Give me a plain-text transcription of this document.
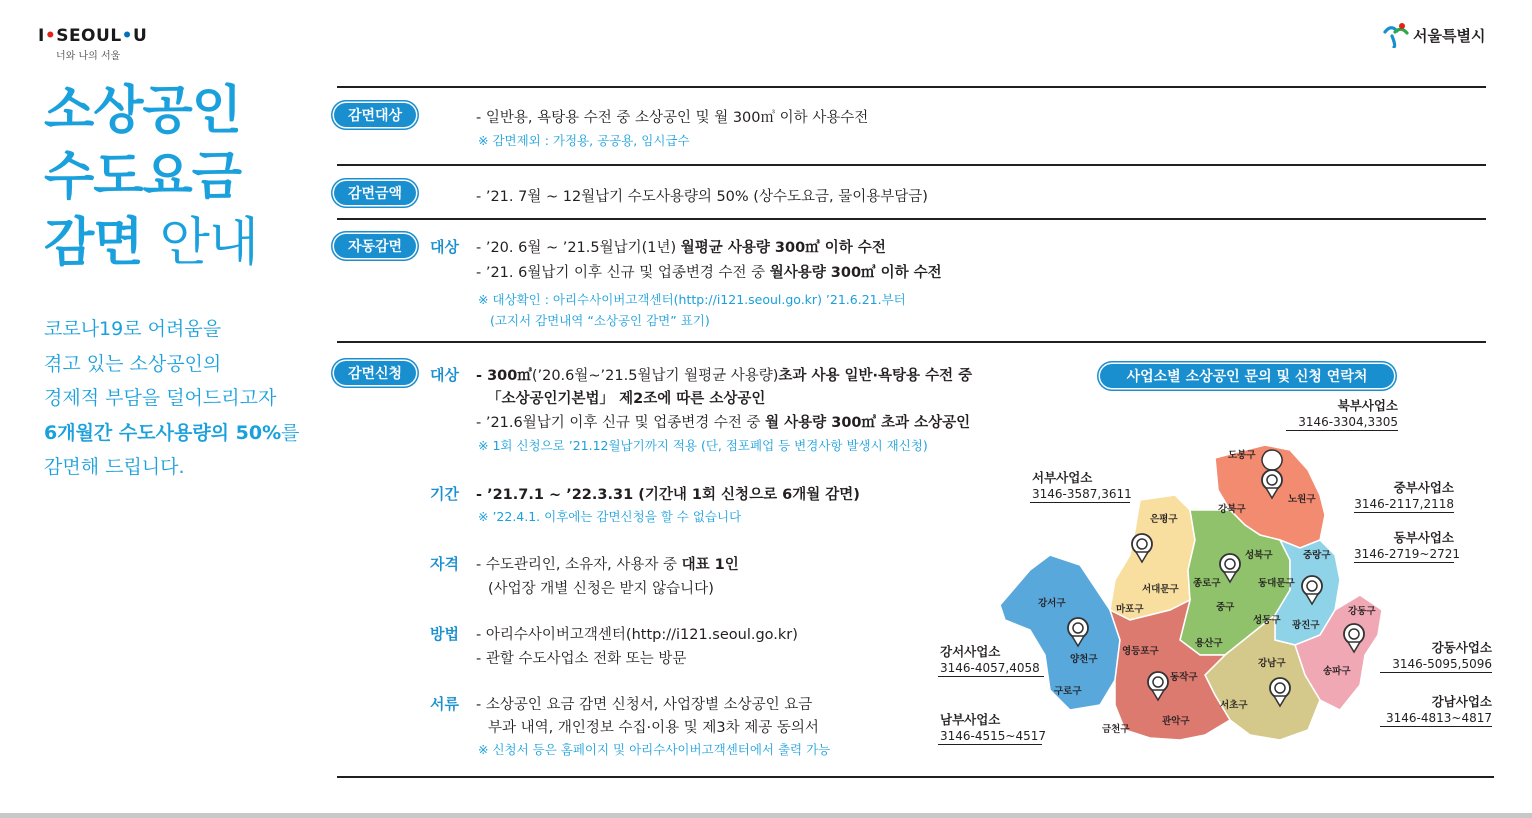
I•SEOUL•U
너와 나의 서울
서울특별시
소상공인
수도요금
감면 안내
코로나19로 어려움을
겪고 있는 소상공인의
경제적 부담을 덜어드리고자
6개월간 수도사용량의 50%를
감면해 드립니다.
감면대상	- 일반용, 욕탕용 수전 중 소상공인 및 월 300㎥ 이하 사용수전
※ 감면제외 : 가정용, 공공용, 임시급수
감면금액	- ’21. 7월 ~ 12월납기 수도사용량의 50% (상수도요금, 물이용부담금)
자동감면	대상 - ’20. 6월 ~ ’21.5월납기(1년) 월평균 사용량 300㎥ 이하 수전
- ’21. 6월납기 이후 신규 및 업종변경 수전 중 월사용량 300㎥ 이하 수전
※ 대상확인 : 아리수사이버고객센터(http://i121.seoul.go.kr) ’21.6.21.부터
(고지서 감면내역 “소상공인 감면” 표기)
감면신청	대상 - 300㎥(’20.6월~’21.5월납기 월평균 사용량)초과 사용 일반·욕탕용 수전 중
「소상공인기본법」 제2조에 따른 소상공인
- ’21.6월납기 이후 신규 및 업종변경 수전 중 월 사용량 300㎥ 초과 소상공인
※ 1회 신청으로 ’21.12월납기까지 적용 (단, 점포폐업 등 변경사항 발생시 재신청)
기간 - ’21.7.1 ~ ’22.3.31 (기간내 1회 신청으로 6개월 감면)
※ ’22.4.1. 이후에는 감면신청을 할 수 없습니다
자격 - 수도관리인, 소유자, 사용자 중 대표 1인
(사업장 개별 신청은 받지 않습니다)
방법 - 아리수사이버고객센터(http://i121.seoul.go.kr)
- 관할 수도사업소 전화 또는 방문
서류 - 소상공인 요금 감면 신청서, 사업장별 소상공인 요금
부과 내역, 개인정보 수집·이용 및 제3차 제공 동의서
※ 신청서 등은 홈페이지 및 아리수사이버고객센터에서 출력 가능
사업소별 소상공인 문의 및 신청 연락처
도봉구
노원구
강북구
은평구
성북구	중랑구
종로구	동대문구
서대문구
강서구
마포구	중구
성동구 광진구
강동구
용산구
양천구
영등포구
송파구
강남구
구로구
동작구
서초구
금천구
관악구
북부사업소
3146-3304,3305
서부사업소
3146-3587,3611	중부사업소
3146-2117,2118
동부사업소
3146-2719~2721
강서사업소
3146-4057,4058
강동사업소
3146-5095,5096
강남사업소
3146-4813~4817
남부사업소
3146-4515~4517
